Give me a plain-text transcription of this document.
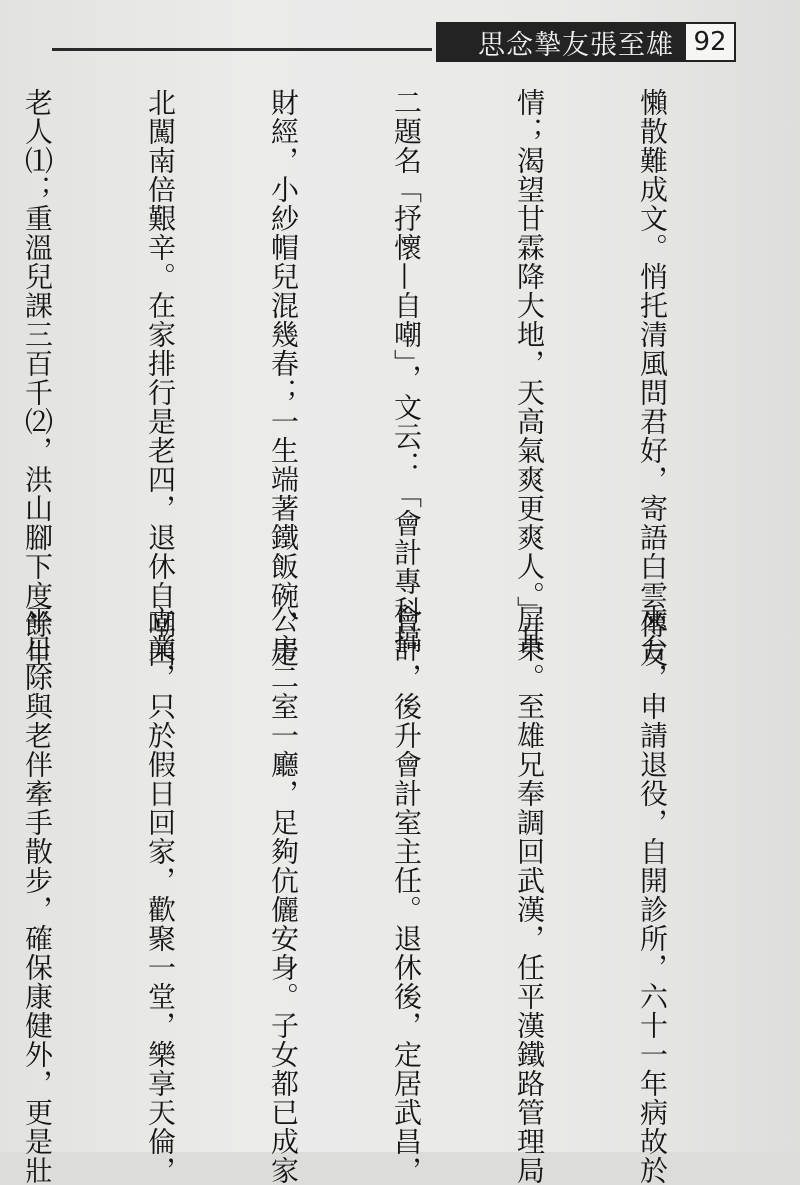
思念摯友張至雄 92

懶散難成文。悄托清風問君好，寄語白雲傳友

情；渴望甘霖降大地，天高氣爽更爽人。」其

二題名「抒懷—自嘲」，文云：「會計專科搞

財經，小紗帽兒混幾春；一生端著鐵飯碗，走

北闖南倍艱辛。在家排行是老四，退休自嘲四

老人⑴；重溫兒課三百千⑵，洪山腳下度餘生

來台，申請退役，自開診所，六十一年病故於

屏東。至雄兄奉調回武漢，任平漢鐵路管理局

會計，後升會計室主任。退休後，定居武昌，

公房二室一廳，足夠伉儷安身。子女都已成家

立業，只於假日回家，歡聚一堂，樂享天倫，

平日除與老伴牽手散步，確保康健外，更是壯
